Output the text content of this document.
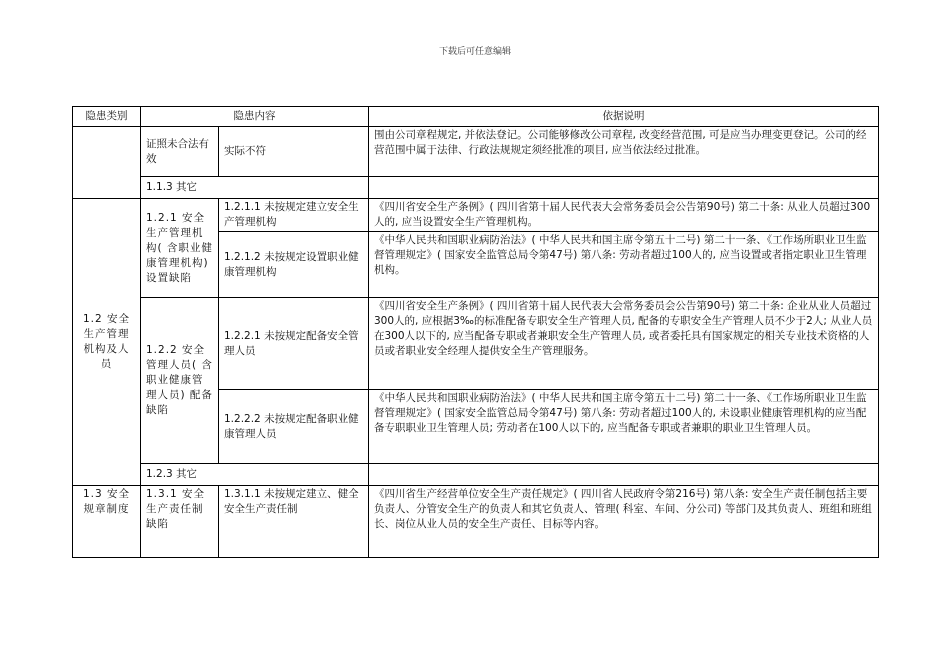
下载后可任意编辑
隐患类别	隐患内容		依据说明
	证照未合法有效	实际不符	围由公司章程规定, 并依法登记。公司能够修改公司章程, 改变经营范围, 可是应当办理变更登记。公司的经营范围中属于法律、行政法规规定须经批准的项目, 应当依法经过批准。
	1.1.3 其它		
1.2 安全生产管理机构及人员	1.2.1 安全生产管理机构( 含职业健康管理机构) 设置缺陷	1.2.1.1 未按规定建立安全生产管理机构	《四川省安全生产条例》( 四川省第十届人民代表大会常务委员会公告第90号) 第二十条: 从业人员超过300人的, 应当设置安全生产管理机构。
		1.2.1.2 未按规定设置职业健康管理机构	《中华人民共和国职业病防治法》( 中华人民共和国主席令第五十二号) 第二十一条、《工作场所职业卫生监督管理规定》( 国家安全监管总局令第47号) 第八条: 劳动者超过100人的, 应当设置或者指定职业卫生管理机构。
	1.2.2 安全管理人员( 含职业健康管理人员) 配备缺陷	1.2.2.1 未按规定配备安全管理人员	《四川省安全生产条例》( 四川省第十届人民代表大会常务委员会公告第90号) 第二十条: 企业从业人员超过300人的, 应根据3‰的标准配备专职安全生产管理人员, 配备的专职安全生产管理人员不少于2人; 从业人员在300人以下的, 应当配备专职或者兼职安全生产管理人员, 或者委托具有国家规定的相关专业技术资格的人员或者职业安全经理人提供安全生产管理服务。
		1.2.2.2 未按规定配备职业健康管理人员	《中华人民共和国职业病防治法》( 中华人民共和国主席令第五十二号) 第二十一条、《工作场所职业卫生监督管理规定》( 国家安全监管总局令第47号) 第八条: 劳动者超过100人的, 未设职业健康管理机构的应当配备专职职业卫生管理人员; 劳动者在100人以下的, 应当配备专职或者兼职的职业卫生管理人员。
	1.2.3 其它		
1.3 安全规章制度	1.3.1 安全生产责任制缺陷	1.3.1.1 未按规定建立、健全安全生产责任制	《四川省生产经营单位安全生产责任规定》( 四川省人民政府令第216号) 第八条: 安全生产责任制包括主要负责人、分管安全生产的负责人和其它负责人、管理( 科室、车间、分公司) 等部门及其负责人、班组和班组长、岗位从业人员的安全生产责任、目标等内容。
